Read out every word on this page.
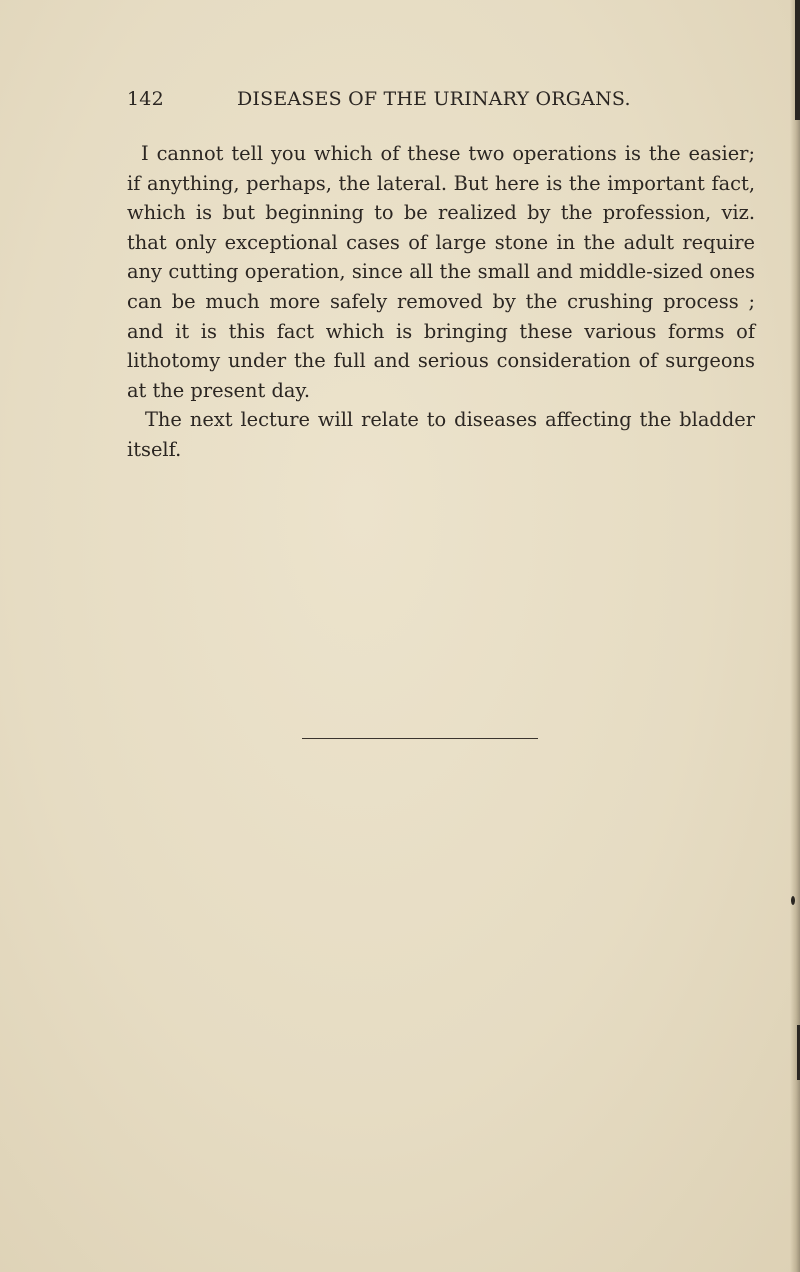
142	DISEASES OF THE URINARY ORGANS.

I cannot tell you which of these two operations is the easier; if anything, perhaps, the lateral. But here is the important fact, which is but beginning to be realized by the profession, viz. that only exceptional cases of large stone in the adult require any cutting operation, since all the small and middle-sized ones can be much more safely removed by the crushing process ; and it is this fact which is bringing these various forms of lithotomy under the full and serious consideration of surgeons at the present day.

The next lecture will relate to diseases affecting the bladder itself.
